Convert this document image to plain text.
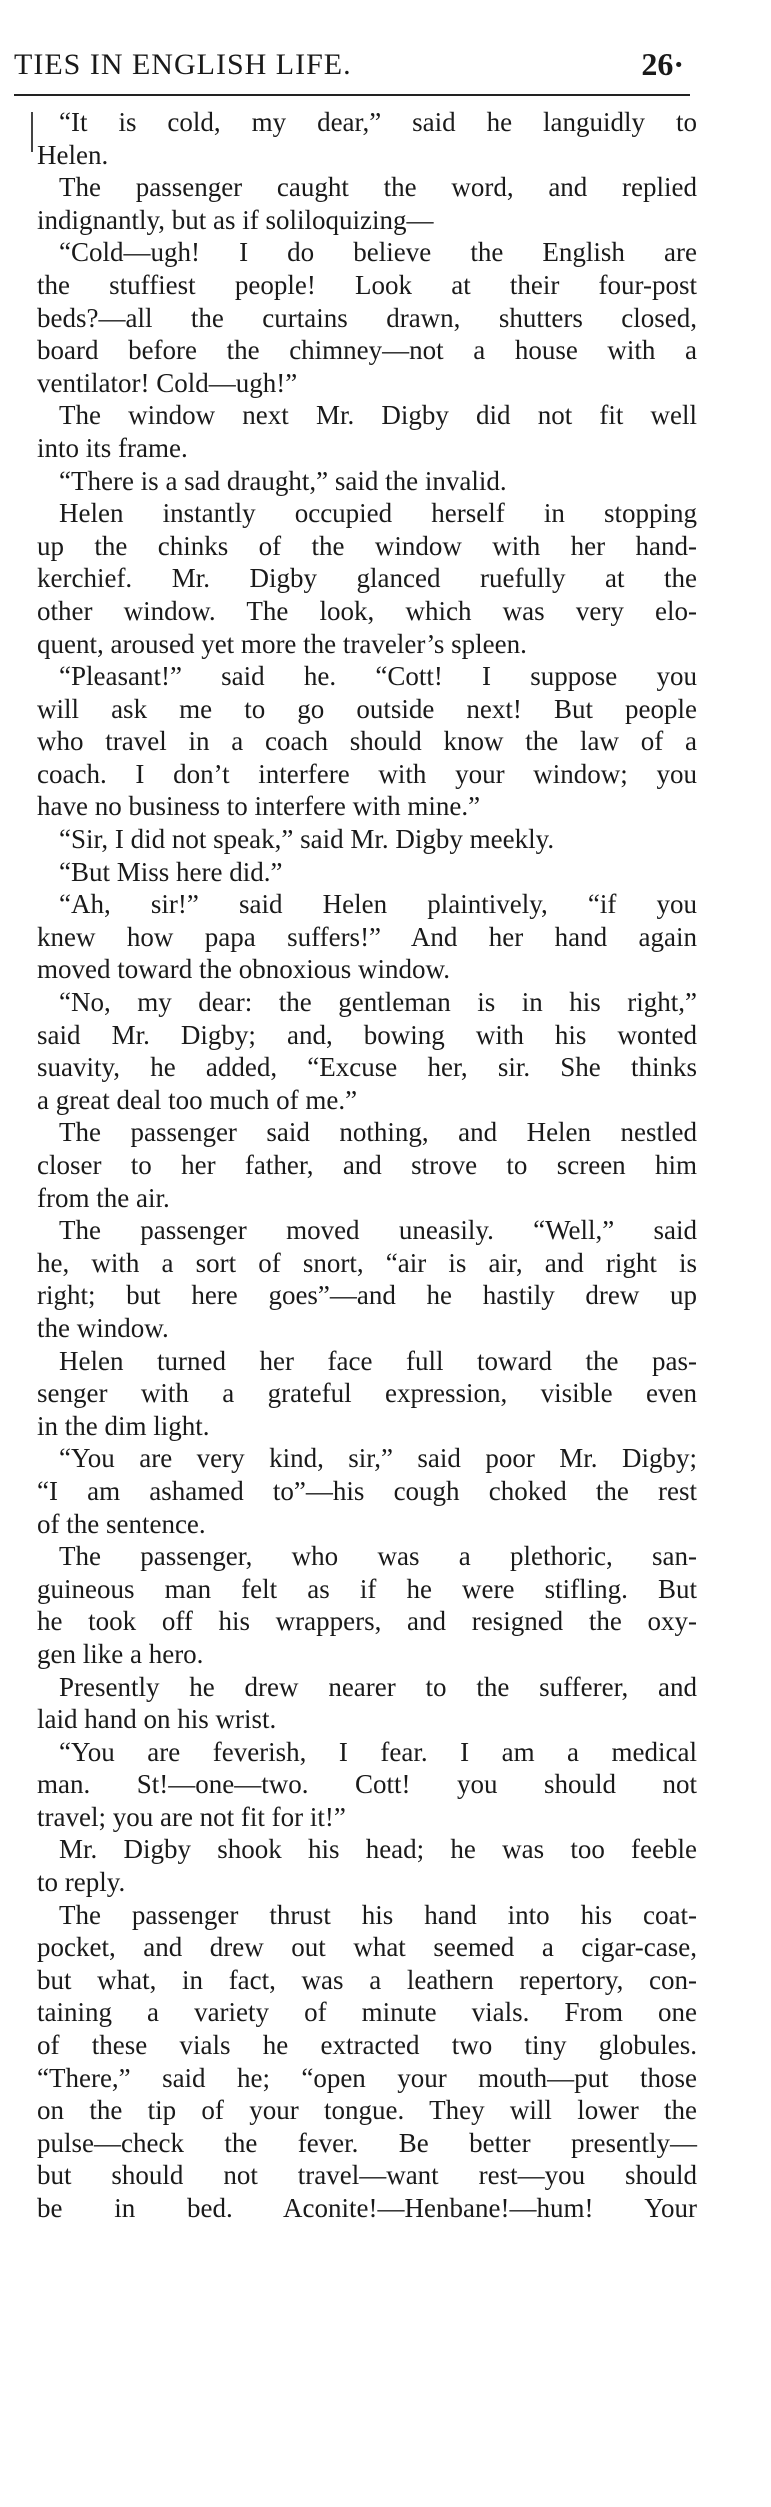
TIES IN ENGLISH LIFE.	26·
“It is cold, my dear,” said he languidly to
Helen.
The passenger caught the word, and replied
indignantly, but as if soliloquizing—
“Cold—ugh! I do believe the English are
the stuffiest people! Look at their four-post
beds?—all the curtains drawn, shutters closed,
board before the chimney—not a house with a
ventilator! Cold—ugh!”
The window next Mr. Digby did not fit well
into its frame.
“There is a sad draught,” said the invalid.
Helen instantly occupied herself in stopping
up the chinks of the window with her hand-
kerchief. Mr. Digby glanced ruefully at the
other window. The look, which was very elo-
quent, aroused yet more the traveler’s spleen.
“Pleasant!” said he. “Cott! I suppose you
will ask me to go outside next! But people
who travel in a coach should know the law of a
coach. I don’t interfere with your window; you
have no business to interfere with mine.”
“Sir, I did not speak,” said Mr. Digby meekly.
“But Miss here did.”
“Ah, sir!” said Helen plaintively, “if you
knew how papa suffers!” And her hand again
moved toward the obnoxious window.
“No, my dear: the gentleman is in his right,”
said Mr. Digby; and, bowing with his wonted
suavity, he added, “Excuse her, sir. She thinks
a great deal too much of me.”
The passenger said nothing, and Helen nestled
closer to her father, and strove to screen him
from the air.
The passenger moved uneasily. “Well,” said
he, with a sort of snort, “air is air, and right is
right; but here goes”—and he hastily drew up
the window.
Helen turned her face full toward the pas-
senger with a grateful expression, visible even
in the dim light.
“You are very kind, sir,” said poor Mr. Digby;
“I am ashamed to”—his cough choked the rest
of the sentence.
The passenger, who was a plethoric, san-
guineous man felt as if he were stifling. But
he took off his wrappers, and resigned the oxy-
gen like a hero.
Presently he drew nearer to the sufferer, and
laid hand on his wrist.
“You are feverish, I fear. I am a medical
man. St!—one—two. Cott! you should not
travel; you are not fit for it!”
Mr. Digby shook his head; he was too feeble
to reply.
The passenger thrust his hand into his coat-
pocket, and drew out what seemed a cigar-case,
but what, in fact, was a leathern repertory, con-
taining a variety of minute vials. From one
of these vials he extracted two tiny globules.
“There,” said he; “open your mouth—put those
on the tip of your tongue. They will lower the
pulse—check the fever. Be better presently—
but should not travel—want rest—you should
be in bed. Aconite!—Henbane!—hum! Your
